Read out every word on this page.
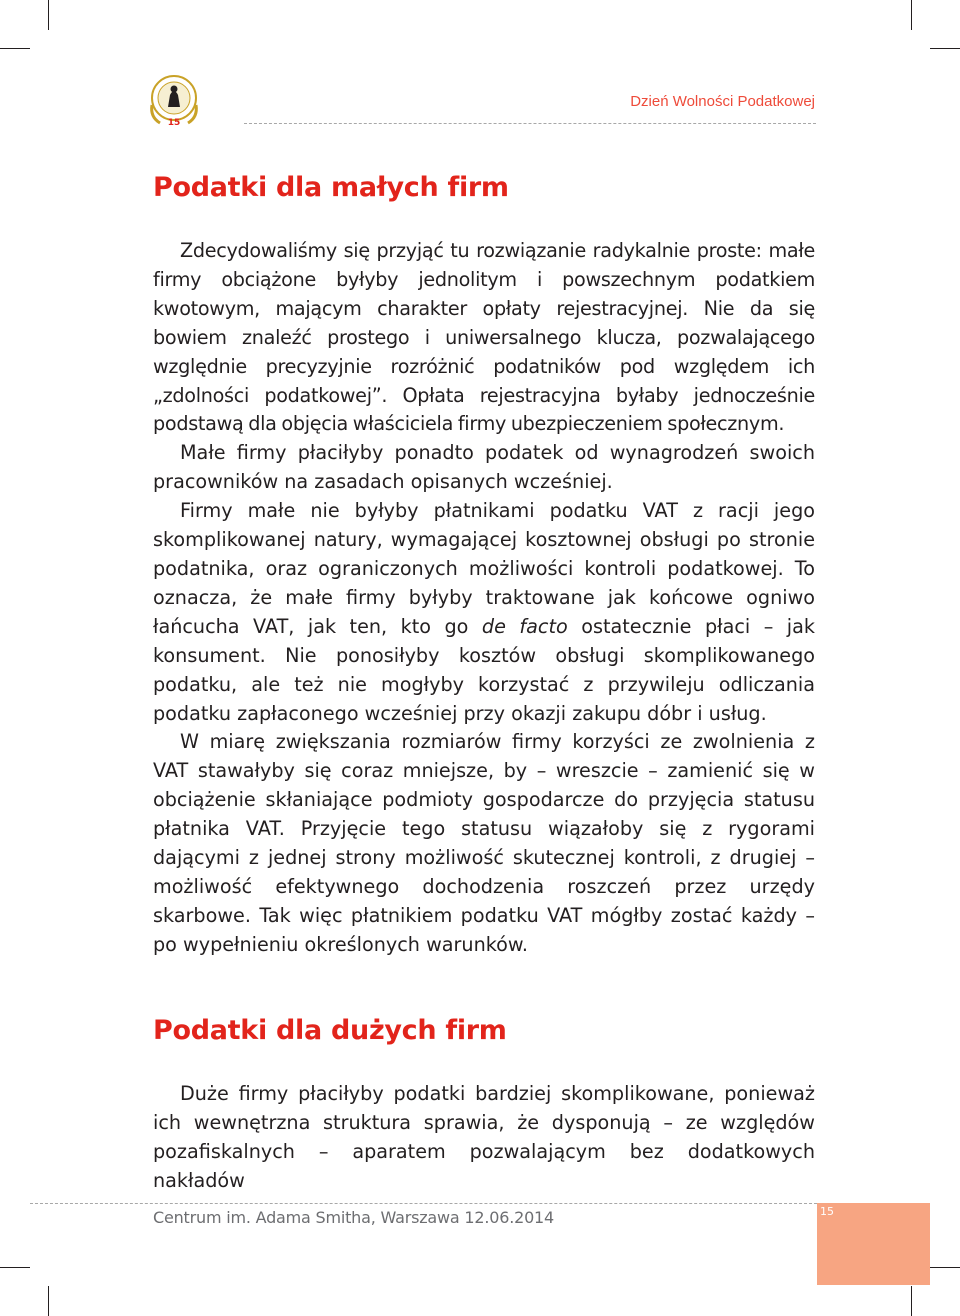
15
Dzień Wolności Podatkowej
Podatki dla małych firm

Zdecydowaliśmy się przyjąć tu rozwiązanie radykalnie proste: małe firmy obciążone byłyby jednolitym i powszechnym podatkiem kwotowym, mającym charakter opłaty rejestracyjnej. Nie da się bowiem znaleźć prostego i uniwersalnego klucza, pozwalającego względnie precyzyjnie rozróżnić podatników pod względem ich „zdolności podatkowej”. Opłata rejestracyjna byłaby jednocześnie podstawą dla objęcia właściciela firmy ubezpieczeniem społecznym.

Małe firmy płaciłyby ponadto podatek od wynagrodzeń swoich pracowników na zasadach opisanych wcześniej.

Firmy małe nie byłyby płatnikami podatku VAT z racji jego skomplikowanej natury, wymagającej kosztownej obsługi po stronie podatnika, oraz ograniczonych możliwości kontroli podatkowej. To oznacza, że małe firmy byłyby traktowane jak końcowe ogniwo łańcucha VAT, jak ten, kto go de facto ostatecznie płaci – jak konsument. Nie ponosiłyby kosztów obsługi skomplikowanego podatku, ale też nie mogłyby korzystać z przywileju odliczania podatku zapłaconego wcześniej przy okazji zakupu dóbr i usług.

W miarę zwiększania rozmiarów firmy korzyści ze zwolnienia z VAT stawałyby się coraz mniejsze, by – wreszcie – zamienić się w obciążenie skłaniające podmioty gospodarcze do przyjęcia statusu płatnika VAT. Przyjęcie tego statusu wiązałoby się z rygorami dającymi z jednej strony możliwość skutecznej kontroli, z drugiej – możliwość efektywnego dochodzenia roszczeń przez urzędy skarbowe. Tak więc płatnikiem podatku VAT mógłby zostać każdy – po wypełnieniu określonych warunków.

Podatki dla dużych firm

Duże firmy płaciłyby podatki bardziej skomplikowane, ponieważ ich wewnętrzna struktura sprawia, że dysponują – ze względów pozafiskalnych – aparatem pozwalającym bez dodatkowych nakładów

Centrum im. Adama Smitha, Warszawa 12.06.2014	15
